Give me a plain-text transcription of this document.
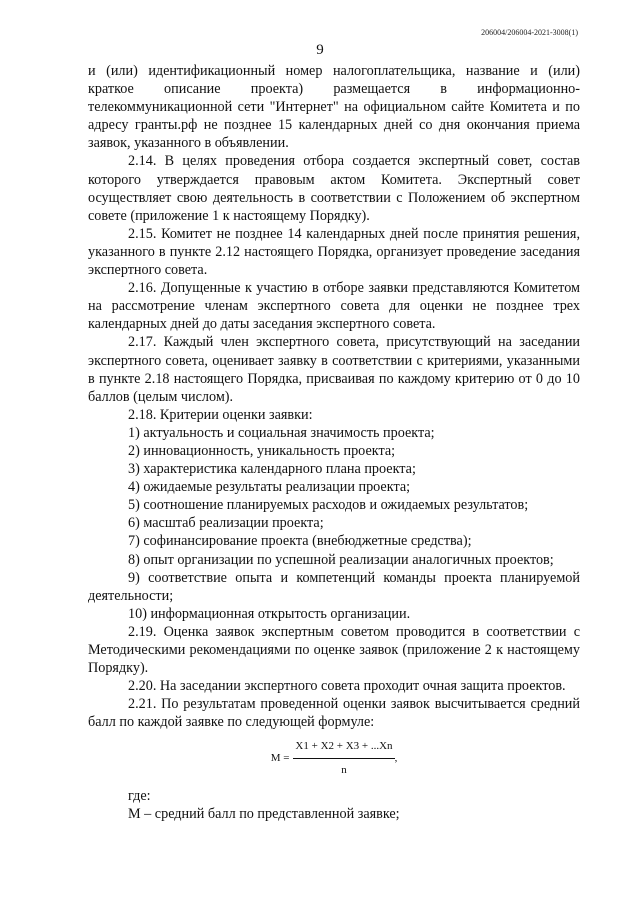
206004/206004-2021-3008(1)
9

и (или) идентификационный номер налогоплательщика, название и (или) краткое описание проекта) размещается в информационно-телекоммуникационной сети "Интернет" на официальном сайте Комитета и по адресу гранты.рф не позднее 15 календарных дней со дня окончания приема заявок, указанного в объявлении.

2.14. В целях проведения отбора создается экспертный совет, состав которого утверждается правовым актом Комитета. Экспертный совет осуществляет свою деятельность в соответствии с Положением об экспертном совете (приложение 1 к настоящему Порядку).

2.15. Комитет не позднее 14 календарных дней после принятия решения, указанного в пункте 2.12 настоящего Порядка, организует проведение заседания экспертного совета.

2.16. Допущенные к участию в отборе заявки представляются Комитетом на рассмотрение членам экспертного совета для оценки не позднее трех календарных дней до даты заседания экспертного совета.

2.17. Каждый член экспертного совета, присутствующий на заседании экспертного совета, оценивает заявку в соответствии с критериями, указанными в пункте 2.18 настоящего Порядка, присваивая по каждому критерию от 0 до 10 баллов (целым числом).

2.18. Критерии оценки заявки:

1) актуальность и социальная значимость проекта;

2) инновационность, уникальность проекта;

3) характеристика календарного плана проекта;

4) ожидаемые результаты реализации проекта;

5) соотношение планируемых расходов и ожидаемых результатов;

6) масштаб реализации проекта;

7) софинансирование проекта (внебюджетные средства);

8) опыт организации по успешной реализации аналогичных проектов;

9) соответствие опыта и компетенций команды проекта планируемой деятельности;

10) информационная открытость организации.

2.19. Оценка заявок экспертным советом проводится в соответствии с Методическими рекомендациями по оценке заявок (приложение 2 к настоящему Порядку).

2.20. На заседании экспертного совета проходит очная защита проектов.

2.21. По результатам проведенной оценки заявок высчитывается средний балл по каждой заявке по следующей формуле:

$M = \frac{X1 + X2 + X3 + ...Xn}{n}$ ,

где:

М – средний балл по представленной заявке;
